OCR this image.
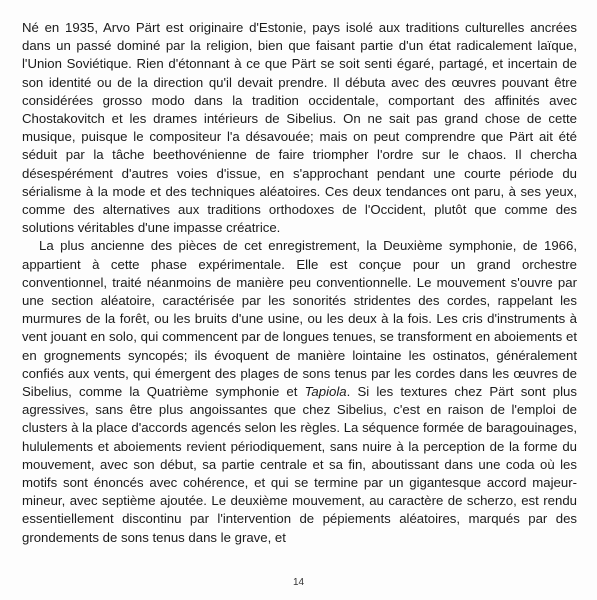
Né en 1935, Arvo Pärt est originaire d'Estonie, pays isolé aux traditions culturelles ancrées dans un passé dominé par la religion, bien que faisant partie d'un état radicalement laïque, l'Union Soviétique. Rien d'étonnant à ce que Pärt se soit senti égaré, partagé, et incertain de son identité ou de la direction qu'il devait prendre. Il débuta avec des œuvres pouvant être considérées grosso modo dans la tradition occidentale, comportant des affinités avec Chostakovitch et les drames intérieurs de Sibelius. On ne sait pas grand chose de cette musique, puisque le compositeur l'a désavouée; mais on peut comprendre que Pärt ait été séduit par la tâche beethovénienne de faire triompher l'ordre sur le chaos. Il chercha désespérément d'autres voies d'issue, en s'approchant pendant une courte période du sérialisme à la mode et des techniques aléatoires. Ces deux tendances ont paru, à ses yeux, comme des alternatives aux traditions orthodoxes de l'Occident, plutôt que comme des solutions véritables d'une impasse créatrice.

La plus ancienne des pièces de cet enregistrement, la Deuxième symphonie, de 1966, appartient à cette phase expérimentale. Elle est conçue pour un grand orchestre conventionnel, traité néanmoins de manière peu conventionnelle. Le mouvement s'ouvre par une section aléatoire, caractérisée par les sonorités stridentes des cordes, rappelant les murmures de la forêt, ou les bruits d'une usine, ou les deux à la fois. Les cris d'instruments à vent jouant en solo, qui commencent par de longues tenues, se transforment en aboiements et en grognements syncopés; ils évoquent de manière lointaine les ostinatos, généralement confiés aux vents, qui émergent des plages de sons tenus par les cordes dans les œuvres de Sibelius, comme la Quatrième symphonie et Tapiola. Si les textures chez Pärt sont plus agressives, sans être plus angoissantes que chez Sibelius, c'est en raison de l'emploi de clusters à la place d'accords agencés selon les règles. La séquence formée de baragouinages, hululements et aboiements revient périodiquement, sans nuire à la perception de la forme du mouvement, avec son début, sa partie centrale et sa fin, aboutissant dans une coda où les motifs sont énoncés avec cohérence, et qui se termine par un gigantesque accord majeur-mineur, avec septième ajoutée. Le deuxième mouvement, au caractère de scherzo, est rendu essentiellement discontinu par l'intervention de pépiements aléatoires, marqués par des grondements de sons tenus dans le grave, et

14
